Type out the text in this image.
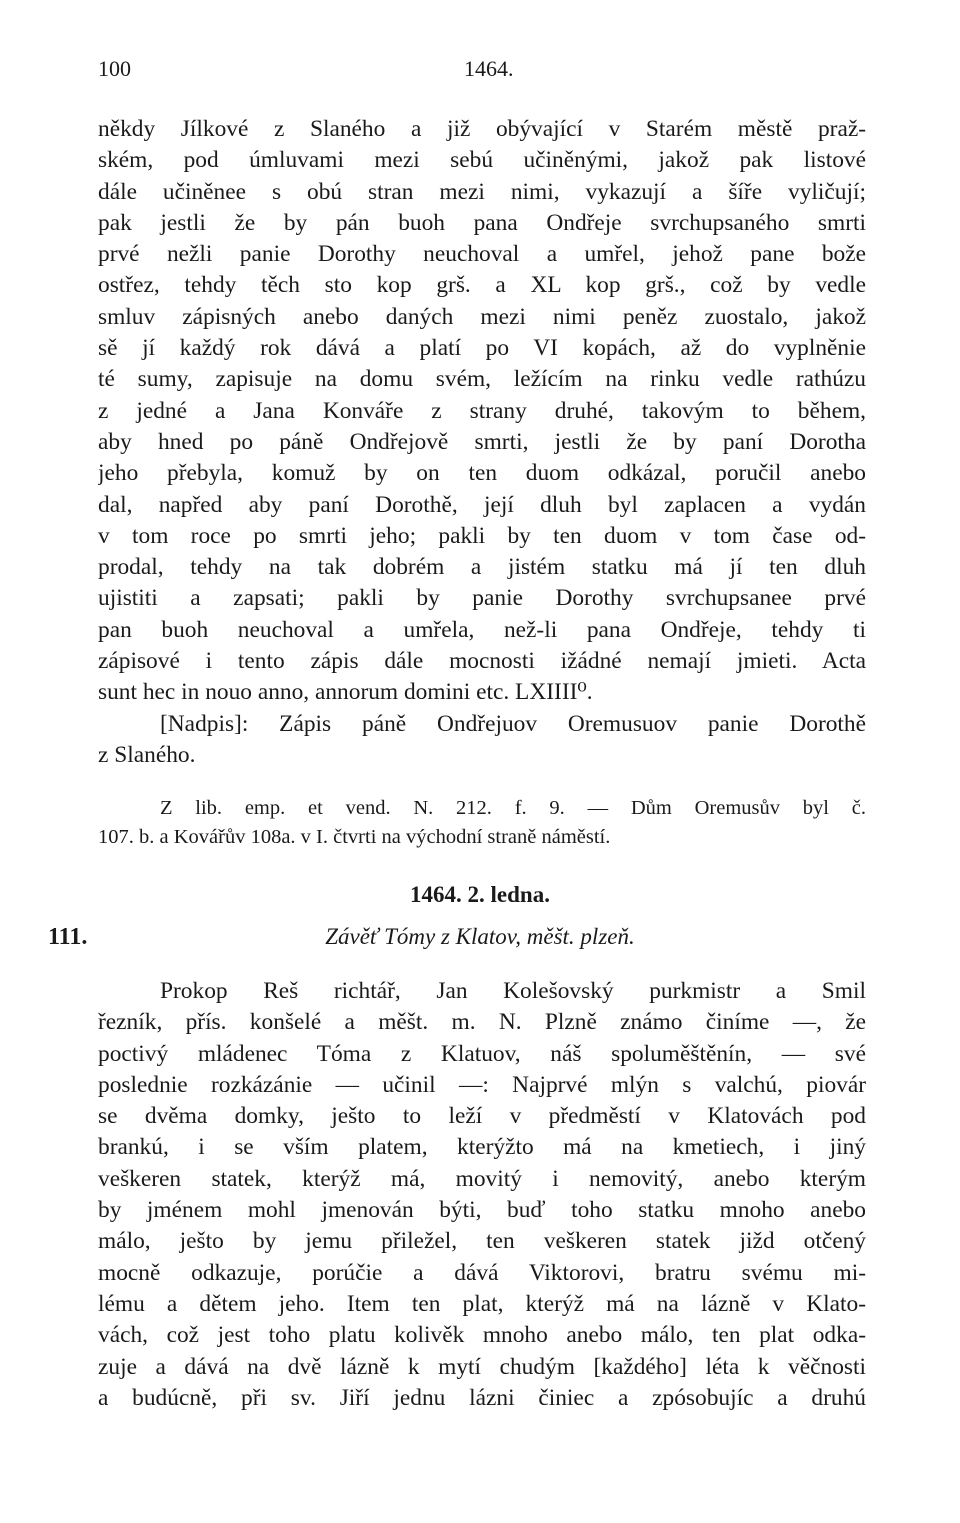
100	1464.
někdy Jílkové z Slaného a již obývající v Starém městě praž-
ském, pod úmluvami mezi sebú učiněnými, jakož pak listové
dále učiněnee s obú stran mezi nimi, vykazují a šíře vyličují;
pak jestli že by pán buoh pana Ondřeje svrchupsaného smrti
prvé nežli panie Dorothy neuchoval a umřel, jehož pane bože
ostřez, tehdy těch sto kop grš. a XL kop grš., což by vedle
smluv zápisných anebo daných mezi nimi peněz zuostalo, jakož
sě jí každý rok dává a platí po VI kopách, až do vyplněnie
té sumy, zapisuje na domu svém, ležícím na rinku vedle rathúzu
z jedné a Jana Konváře z strany druhé, takovým to během,
aby hned po páně Ondřejově smrti, jestli že by paní Dorotha
jeho přebyla, komuž by on ten duom odkázal, poručil anebo
dal, napřed aby paní Dorothě, její dluh byl zaplacen a vydán
v tom roce po smrti jeho; pakli by ten duom v tom čase od-
prodal, tehdy na tak dobrém a jistém statku má jí ten dluh
ujistiti a zapsati; pakli by panie Dorothy svrchupsanee prvé
pan buoh neuchoval a umřela, než-li pana Ondřeje, tehdy ti
zápisové i tento zápis dále mocnosti ižádné nemají jmieti. Acta
sunt hec in nouo anno, annorum domini etc. LXIIII⁰.
[Nadpis]: Zápis páně Ondřejuov Oremusuov panie Dorothě
z Slaného.
Z lib. emp. et vend. N. 212. f. 9. — Dům Oremusův byl č.
107. b. a Kovářův 108a. v I. čtvrti na východní straně náměstí.
1464. 2. ledna.
111.	Závěť Tómy z Klatov, měšt. plzeň.
Prokop Reš richtář, Jan Kolešovský purkmistr a Smil
řezník, přís. konšelé a měšt. m. N. Plzně známo činíme —, že
poctivý mládenec Tóma z Klatuov, náš spoluměštěnín, — své
poslednie rozkázánie — učinil —: Najprvé mlýn s valchú, piovár
se dvěma domky, ješto to leží v předměstí v Klatovách pod
brankú, i se vším platem, kterýžto má na kmetiech, i jiný
veškeren statek, kterýž má, movitý i nemovitý, anebo kterým
by jménem mohl jmenován býti, buď toho statku mnoho anebo
málo, ješto by jemu přiležel, ten veškeren statek jižd otčený
mocně odkazuje, porúčie a dává Viktorovi, bratru svému mi-
lému a dětem jeho. Item ten plat, kterýž má na lázně v Klato-
vách, což jest toho platu kolivěk mnoho anebo málo, ten plat odka-
zuje a dává na dvě lázně k mytí chudým [každého] léta k věčnosti
a budúcně, při sv. Jiří jednu lázni činiec a zpósobujíc a druhú
